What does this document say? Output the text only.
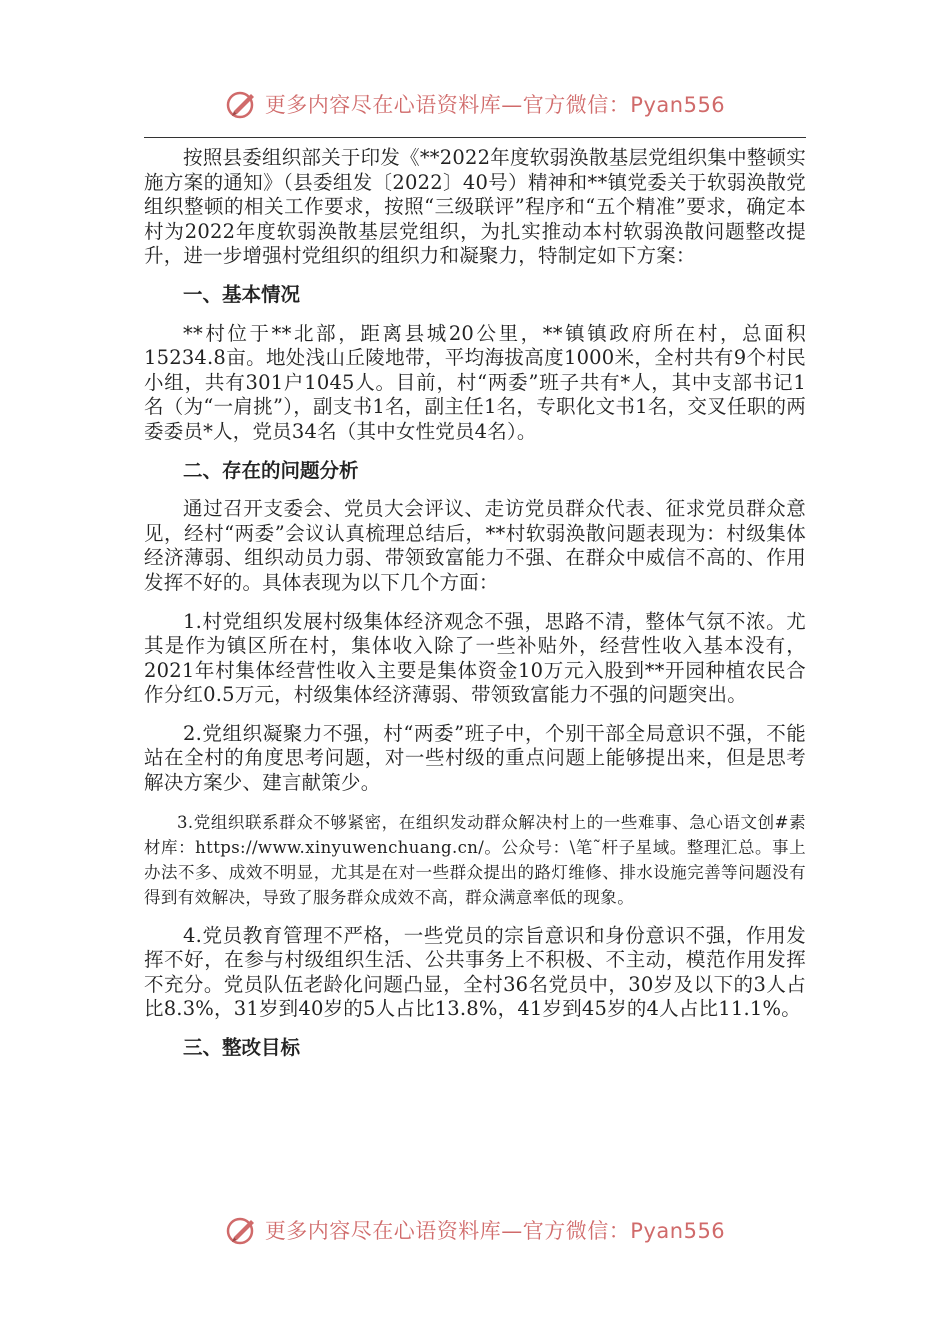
更多内容尽在心语资料库—官方微信：Pyan556

按照县委组织部关于印发《**2022年度软弱涣散基层党组织集中整顿实施方案的通知》（县委组发〔2022〕40号）精神和**镇党委关于软弱涣散党组织整顿的相关工作要求，按照“三级联评”程序和“五个精准”要求，确定本村为2022年度软弱涣散基层党组织，为扎实推动本村软弱涣散问题整改提升，进一步增强村党组织的组织力和凝聚力，特制定如下方案：

一、基本情况

**村位于**北部，距离县城20公里，**镇镇政府所在村，总面积15234.8亩。地处浅山丘陵地带，平均海拔高度1000米，全村共有9个村民小组，共有301户1045人。目前，村“两委”班子共有*人，其中支部书记1名（为“一肩挑”），副支书1名，副主任1名，专职化文书1名，交叉任职的两委委员*人，党员34名（其中女性党员4名）。

二、存在的问题分析

通过召开支委会、党员大会评议、走访党员群众代表、征求党员群众意见，经村“两委”会议认真梳理总结后，**村软弱涣散问题表现为：村级集体经济薄弱、组织动员力弱、带领致富能力不强、在群众中威信不高的、作用发挥不好的。具体表现为以下几个方面：

1.村党组织发展村级集体经济观念不强，思路不清，整体气氛不浓。尤其是作为镇区所在村，集体收入除了一些补贴外，经营性收入基本没有，2021年村集体经营性收入主要是集体资金10万元入股到**开园种植农民合作分红0.5万元，村级集体经济薄弱、带领致富能力不强的问题突出。

2.党组织凝聚力不强，村“两委”班子中，个别干部全局意识不强，不能站在全村的角度思考问题，对一些村级的重点问题上能够提出来，但是思考解决方案少、建言献策少。

3.党组织联系群众不够紧密，在组织发动群众解决村上的一些难事、急心语文创#素材库：https://www.xinyuwenchuang.cn/。公众号：\笔˜杆子星域。整理汇总。事上办法不多、成效不明显，尤其是在对一些群众提出的路灯维修、排水设施完善等问题没有得到有效解决，导致了服务群众成效不高，群众满意率低的现象。

4.党员教育管理不严格，一些党员的宗旨意识和身份意识不强，作用发挥不好，在参与村级组织生活、公共事务上不积极、不主动，模范作用发挥不充分。党员队伍老龄化问题凸显，全村36名党员中，30岁及以下的3人占比8.3%，31岁到40岁的5人占比13.8%，41岁到45岁的4人占比11.1%。

三、整改目标

更多内容尽在心语资料库—官方微信：Pyan556
